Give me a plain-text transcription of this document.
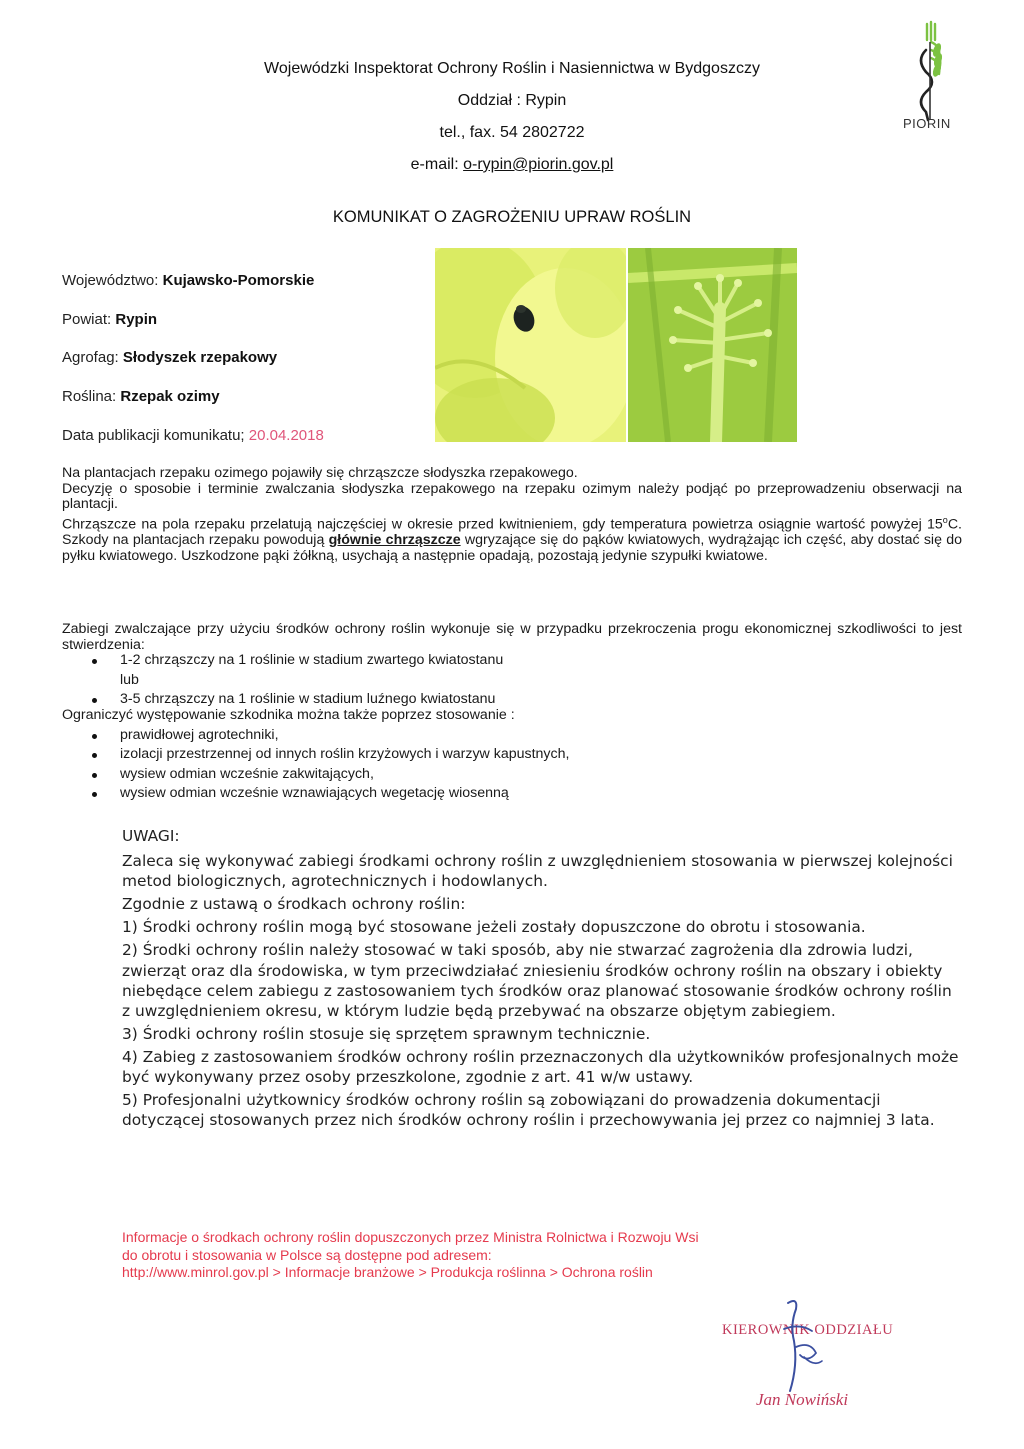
Wojewódzki Inspektorat Ochrony Roślin i Nasiennictwa w Bydgoszczy
Oddział : Rypin
tel., fax. 54 2802722
e-mail: o-rypin@piorin.gov.pl
PIORIN
KOMUNIKAT O ZAGROŻENIU UPRAW ROŚLIN
Województwo: Kujawsko-Pomorskie
Powiat: Rypin
Agrofag: Słodyszek rzepakowy
Roślina: Rzepak ozimy
Data publikacji komunikatu; 20.04.2018

Na plantacjach rzepaku ozimego pojawiły się chrząszcze słodyszka rzepakowego.

Decyzję o sposobie i terminie zwalczania słodyszka rzepakowego na rzepaku ozimym należy podjąć po przeprowadzeniu obserwacji na plantacji.

Chrząszcze na pola rzepaku przelatują najczęściej w okresie przed kwitnieniem, gdy temperatura powietrza osiągnie wartość powyżej 15$^o$C. Szkody na plantacjach rzepaku powodują głównie chrząszcze wgryzające się do pąków kwiatowych, wydrążając ich część, aby dostać się do pyłku kwiatowego. Uszkodzone pąki żółkną, usychają a następnie opadają, pozostają jedynie szypułki kwiatowe.

Zabiegi zwalczające przy użyciu środków ochrony roślin wykonuje się w przypadku przekroczenia progu ekonomicznej szkodliwości to jest stwierdzenia:

1-2 chrząszczy na 1 roślinie w stadium zwartego kwiatostanu
lub
3-5 chrząszczy na 1 roślinie w stadium luźnego kwiatostanu

Ograniczyć występowanie szkodnika można także poprzez stosowanie :

prawidłowej agrotechniki,
izolacji przestrzennej od innych roślin krzyżowych i warzyw kapustnych,
wysiew odmian wcześnie zakwitających,
wysiew odmian wcześnie wznawiających wegetację wiosenną

UWAGI:

Zaleca się wykonywać zabiegi środkami ochrony roślin z uwzględnieniem stosowania w pierwszej kolejności metod biologicznych, agrotechnicznych i hodowlanych.

Zgodnie z ustawą o środkach ochrony roślin:

1) Środki ochrony roślin mogą być stosowane jeżeli zostały dopuszczone do obrotu i stosowania.

2) Środki ochrony roślin należy stosować w taki sposób, aby nie stwarzać zagrożenia dla zdrowia ludzi, zwierząt oraz dla środowiska, w tym przeciwdziałać zniesieniu środków ochrony roślin na obszary i obiekty niebędące celem zabiegu z zastosowaniem tych środków oraz planować stosowanie środków ochrony roślin z uwzględnieniem okresu, w którym ludzie będą przebywać na obszarze objętym zabiegiem.

3) Środki ochrony roślin stosuje się sprzętem sprawnym technicznie.

4) Zabieg z zastosowaniem środków ochrony roślin przeznaczonych dla użytkowników profesjonalnych może być wykonywany przez osoby przeszkolone, zgodnie z art. 41 w/w ustawy.

5) Profesjonalni użytkownicy środków ochrony roślin są zobowiązani do prowadzenia dokumentacji dotyczącej stosowanych przez nich środków ochrony roślin i przechowywania jej przez co najmniej 3 lata.

Informacje o środkach ochrony roślin dopuszczonych przez Ministra Rolnictwa i Rozwoju Wsi

do obrotu i stosowania w Polsce są dostępne pod adresem:

http://www.minrol.gov.pl > Informacje branżowe > Produkcja roślinna > Ochrona roślin

KIEROWNIK ODDZIAŁU
Jan Nowiński
